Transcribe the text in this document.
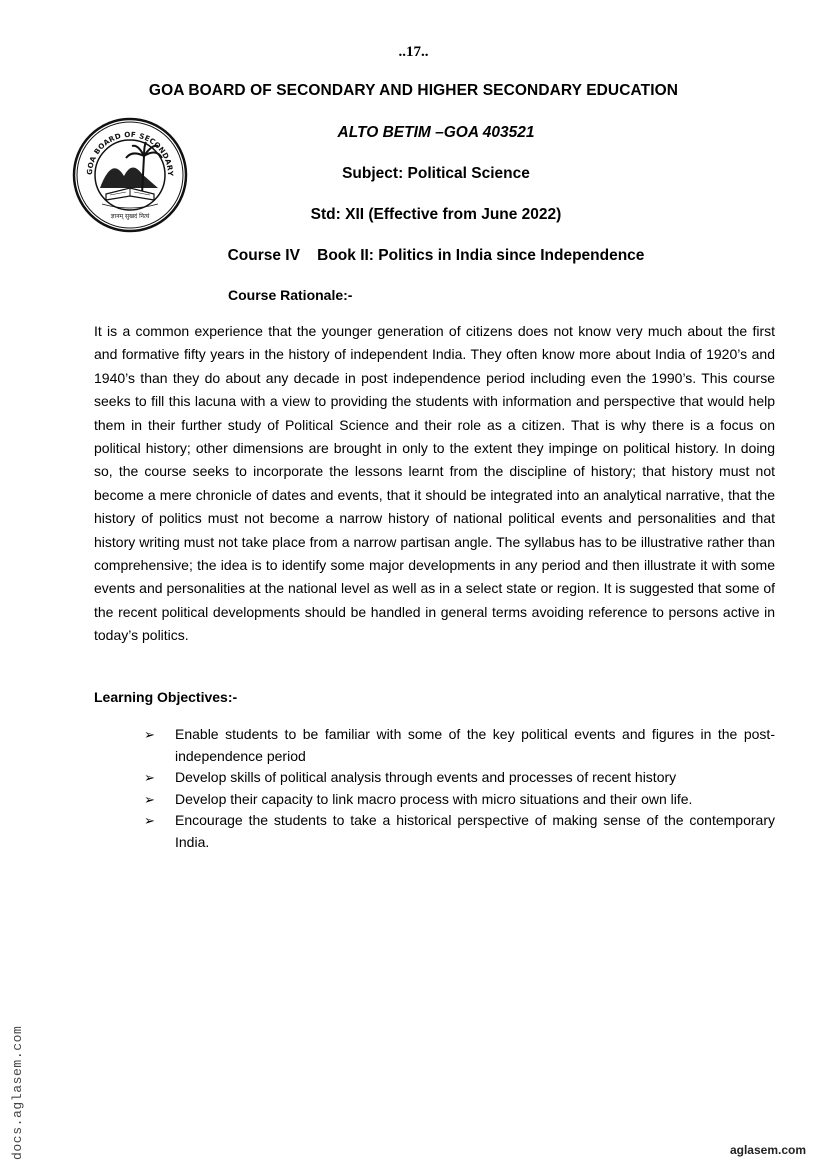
..17..
GOA BOARD OF SECONDARY AND HIGHER SECONDARY EDUCATION
GOA BOARD OF SECONDARY
ज्ञानम् सुखदं नित्यं
ALTO BETIM –GOA 403521
Subject: Political Science
Std: XII (Effective from June 2022)
Course IV    Book II: Politics in India since Independence
Course Rationale:-
It is a common experience that the younger generation of citizens does not know very much about the first and formative fifty years in the history of independent India. They often know more about India of 1920’s and 1940’s than they do about any decade in post independence period including even the 1990’s. This course seeks to fill this lacuna with a view to providing the students with information and perspective that would help them in their further study of Political Science and their role as a citizen. That is why there is a focus on political history; other dimensions are brought in only to the extent they impinge on political history. In doing so, the course seeks to incorporate the lessons learnt from the discipline of history; that history must not become a mere chronicle of dates and events, that it should be integrated into an analytical narrative, that the history of politics must not become a narrow history of national political events and personalities and that history writing must not take place from a narrow partisan angle. The syllabus has to be illustrative rather than comprehensive; the idea is to identify some major developments in any period and then illustrate it with some events and personalities at the national level as well as in a select state or region. It is suggested that some of the recent political developments should be handled in general terms avoiding reference to persons active in today’s politics.
Learning Objectives:-
➢ Enable students to be familiar with some of the key political events and figures in the post-independence period
➢ Develop skills of political analysis through events and processes of recent history
➢ Develop their capacity to link macro process with micro situations and their own life.
➢ Encourage the students to take a historical perspective of making sense of the contemporary India.
docs.aglasem.com	aglasem.com
